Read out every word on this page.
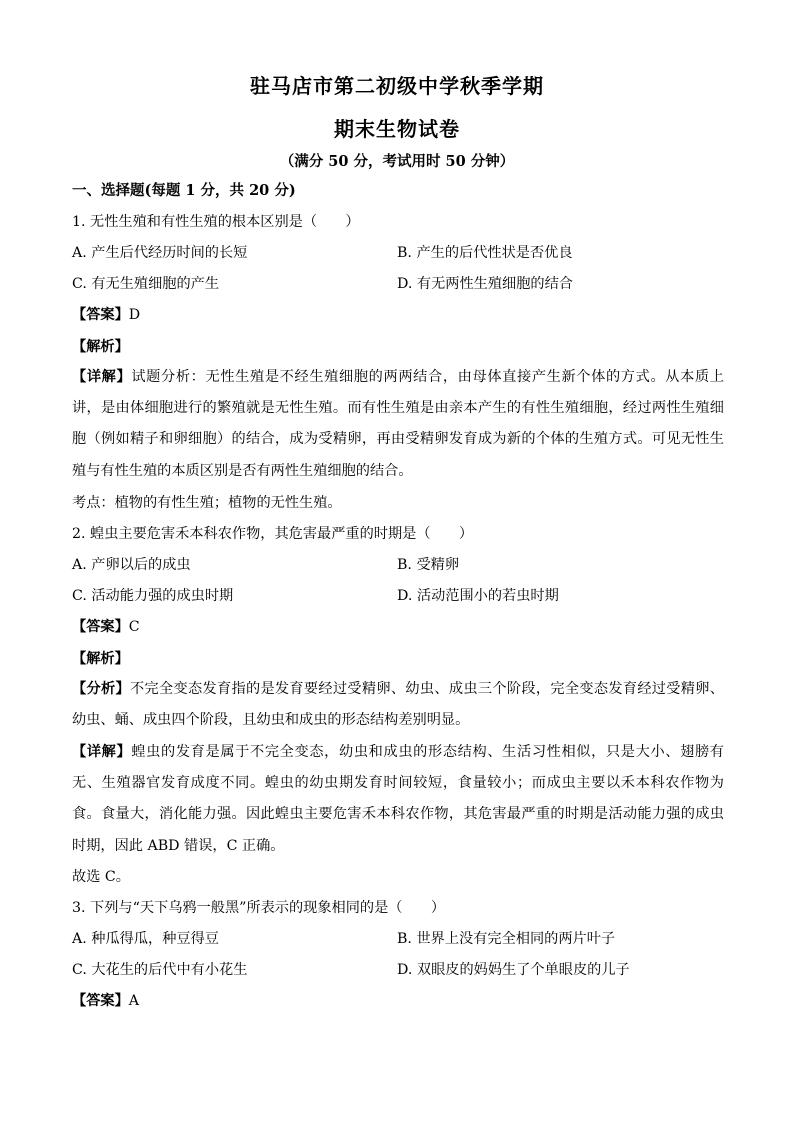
驻马店市第二初级中学秋季学期
期末生物试卷
（满分 50 分，考试用时 50 分钟）
一、选择题(每题 1 分，共 20 分)
1. 无性生殖和有性生殖的根本区别是（　　）
A. 产生后代经历时间的长短	B. 产生的后代性状是否优良
C. 有无生殖细胞的产生	D. 有无两性生殖细胞的结合
【答案】D
【解析】
【详解】试题分析：无性生殖是不经生殖细胞的两两结合，由母体直接产生新个体的方式。从本质上讲，是由体细胞进行的繁殖就是无性生殖。而有性生殖是由亲本产生的有性生殖细胞，经过两性生殖细胞（例如精子和卵细胞）的结合，成为受精卵，再由受精卵发育成为新的个体的生殖方式。可见无性生殖与有性生殖的本质区别是否有两性生殖细胞的结合。
考点：植物的有性生殖；植物的无性生殖。
2. 蝗虫主要危害禾本科农作物，其危害最严重的时期是（　　）
A. 产卵以后的成虫	B. 受精卵
C. 活动能力强的成虫时期	D. 活动范围小的若虫时期
【答案】C
【解析】
【分析】不完全变态发育指的是发育要经过受精卵、幼虫、成虫三个阶段，完全变态发育经过受精卵、幼虫、蛹、成虫四个阶段，且幼虫和成虫的形态结构差别明显。
【详解】蝗虫的发育是属于不完全变态，幼虫和成虫的形态结构、生活习性相似，只是大小、翅膀有无、生殖器官发育成度不同。蝗虫的幼虫期发育时间较短，食量较小；而成虫主要以禾本科农作物为食。食量大，消化能力强。因此蝗虫主要危害禾本科农作物，其危害最严重的时期是活动能力强的成虫时期，因此 ABD 错误，C 正确。
故选 C。
3. 下列与“天下乌鸦一般黑”所表示的现象相同的是（　　）
A. 种瓜得瓜，种豆得豆	B. 世界上没有完全相同的两片叶子
C. 大花生的后代中有小花生	D. 双眼皮的妈妈生了个单眼皮的儿子
【答案】A
